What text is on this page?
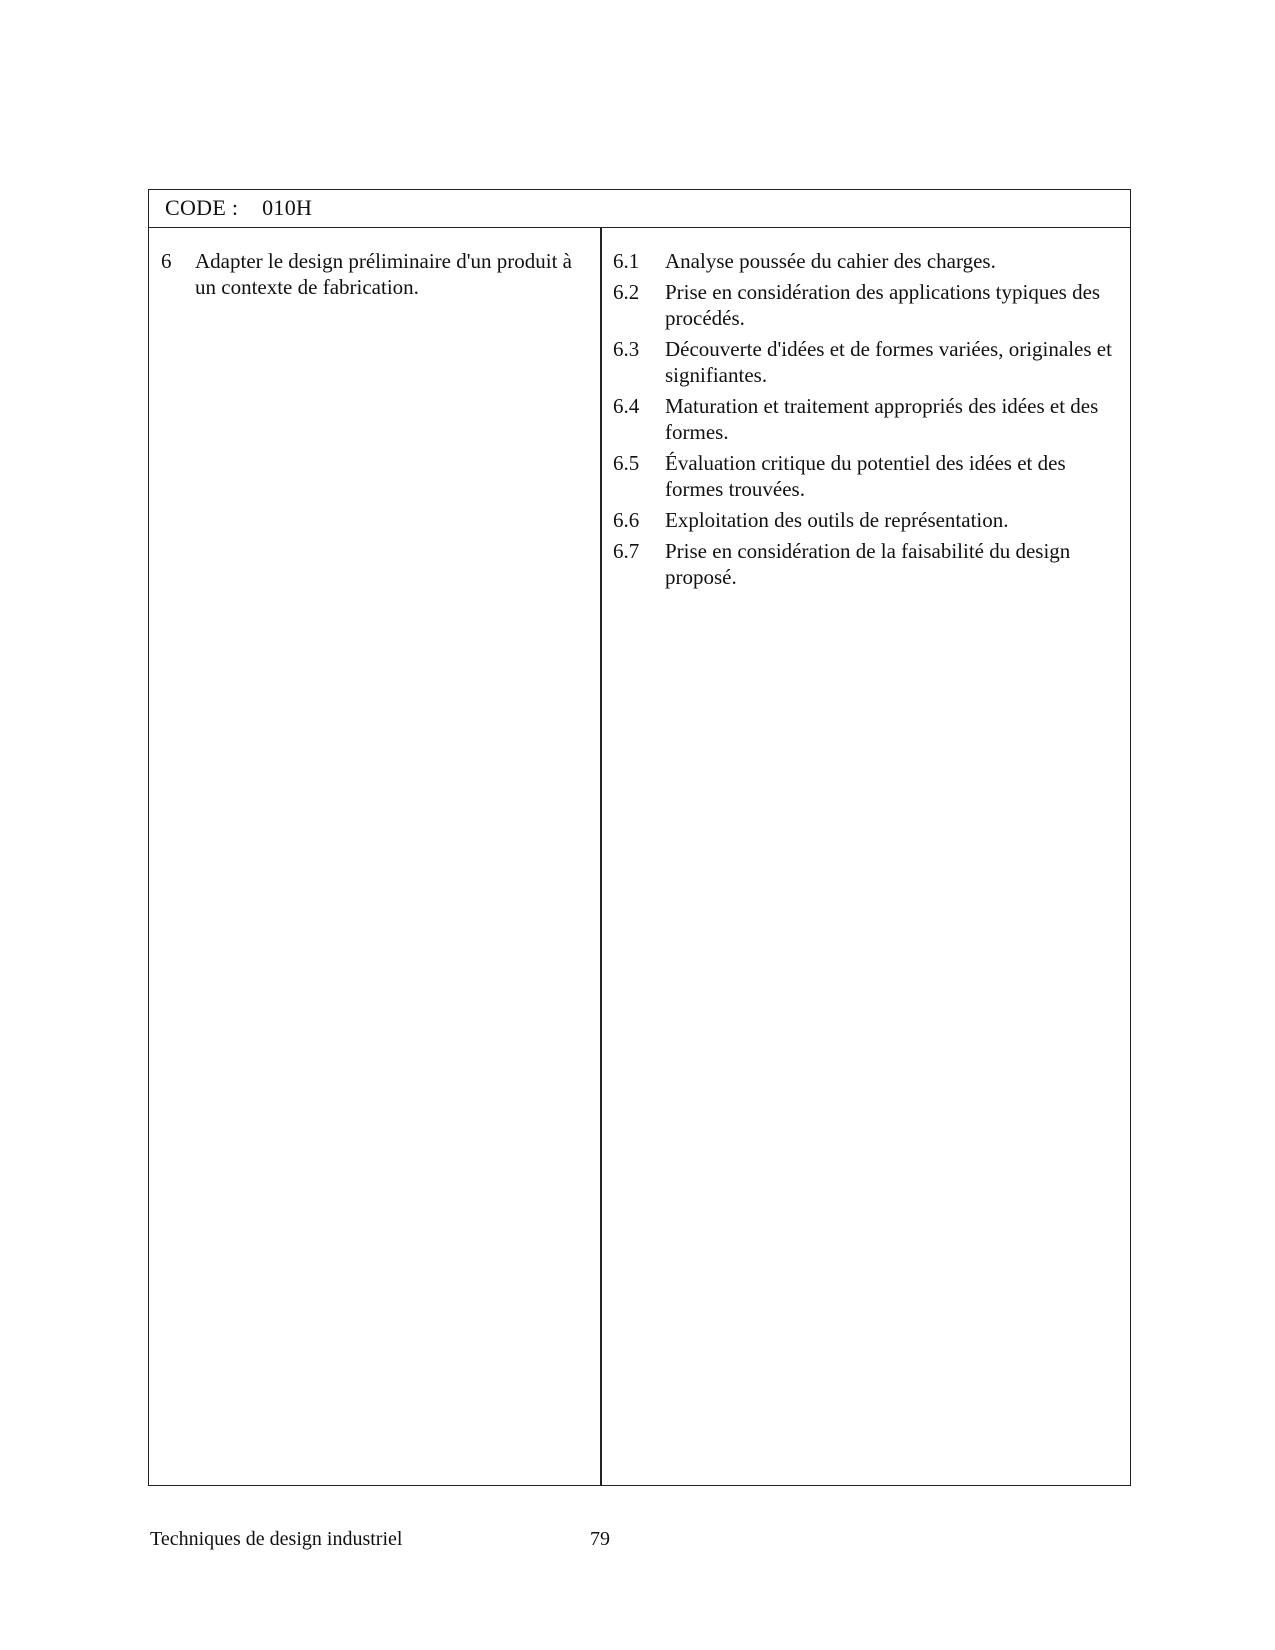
CODE : 010H
6 Adapter le design préliminaire d'un produit à un contexte de fabrication.
6.1 Analyse poussée du cahier des charges.
6.2 Prise en considération des applications typiques des procédés.
6.3 Découverte d'idées et de formes variées, originales et signifiantes.
6.4 Maturation et traitement appropriés des idées et des formes.
6.5 Évaluation critique du potentiel des idées et des formes trouvées.
6.6 Exploitation des outils de représentation.
6.7 Prise en considération de la faisabilité du design proposé.
Techniques de design industriel	79
